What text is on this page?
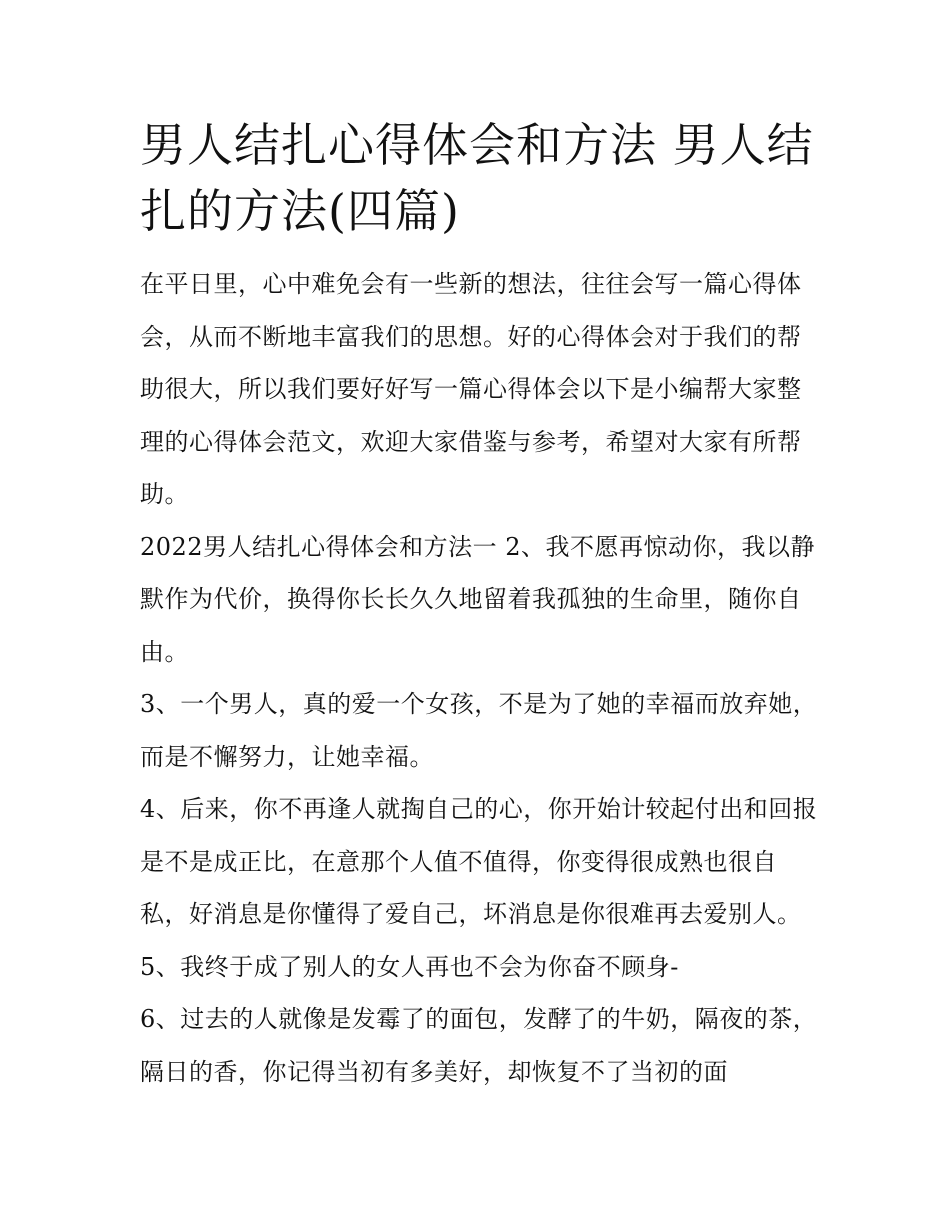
男人结扎心得体会和方法 男人结扎的方法(四篇)

在平日里，心中难免会有一些新的想法，往往会写一篇心得体会，从而不断地丰富我们的思想。好的心得体会对于我们的帮助很大，所以我们要好好写一篇心得体会以下是小编帮大家整理的心得体会范文，欢迎大家借鉴与参考，希望对大家有所帮助。

2022男人结扎心得体会和方法一 2、我不愿再惊动你，我以静默作为代价，换得你长长久久地留着我孤独的生命里，随你自由。

3、一个男人，真的爱一个女孩，不是为了她的幸福而放弃她，而是不懈努力，让她幸福。

4、后来，你不再逢人就掏自己的心，你开始计较起付出和回报是不是成正比，在意那个人值不值得，你变得很成熟也很自私，好消息是你懂得了爱自己，坏消息是你很难再去爱别人。

5、我终于成了别人的女人再也不会为你奋不顾身-

6、过去的人就像是发霉了的面包，发酵了的牛奶，隔夜的茶，隔日的香，你记得当初有多美好，却恢复不了当初的面
